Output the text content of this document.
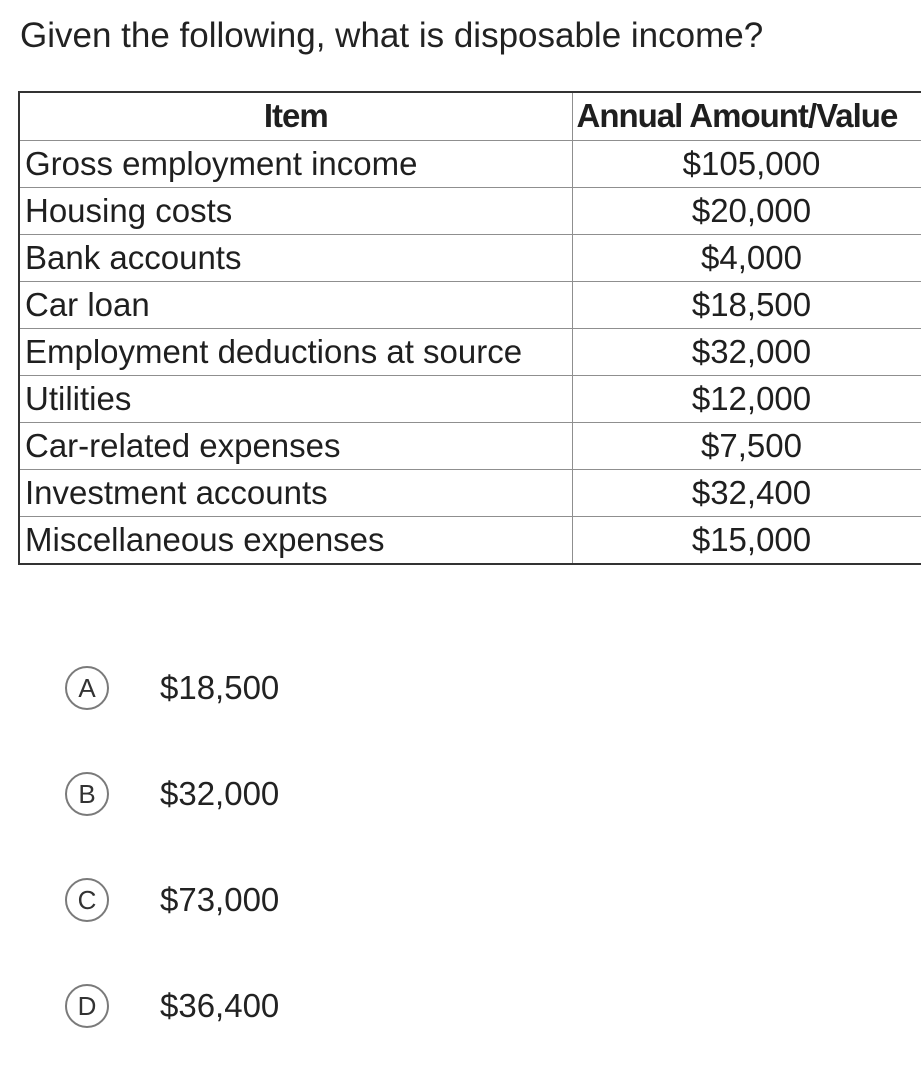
Given the following, what is disposable income?
Item	Annual Amount/Value
Gross employment income	$105,000
Housing costs	$20,000
Bank accounts	$4,000
Car loan	$18,500
Employment deductions at source	$32,000
Utilities	$12,000
Car-related expenses	$7,500
Investment accounts	$32,400
Miscellaneous expenses	$15,000
A	$18,500
B	$32,000
C	$73,000
D	$36,400
